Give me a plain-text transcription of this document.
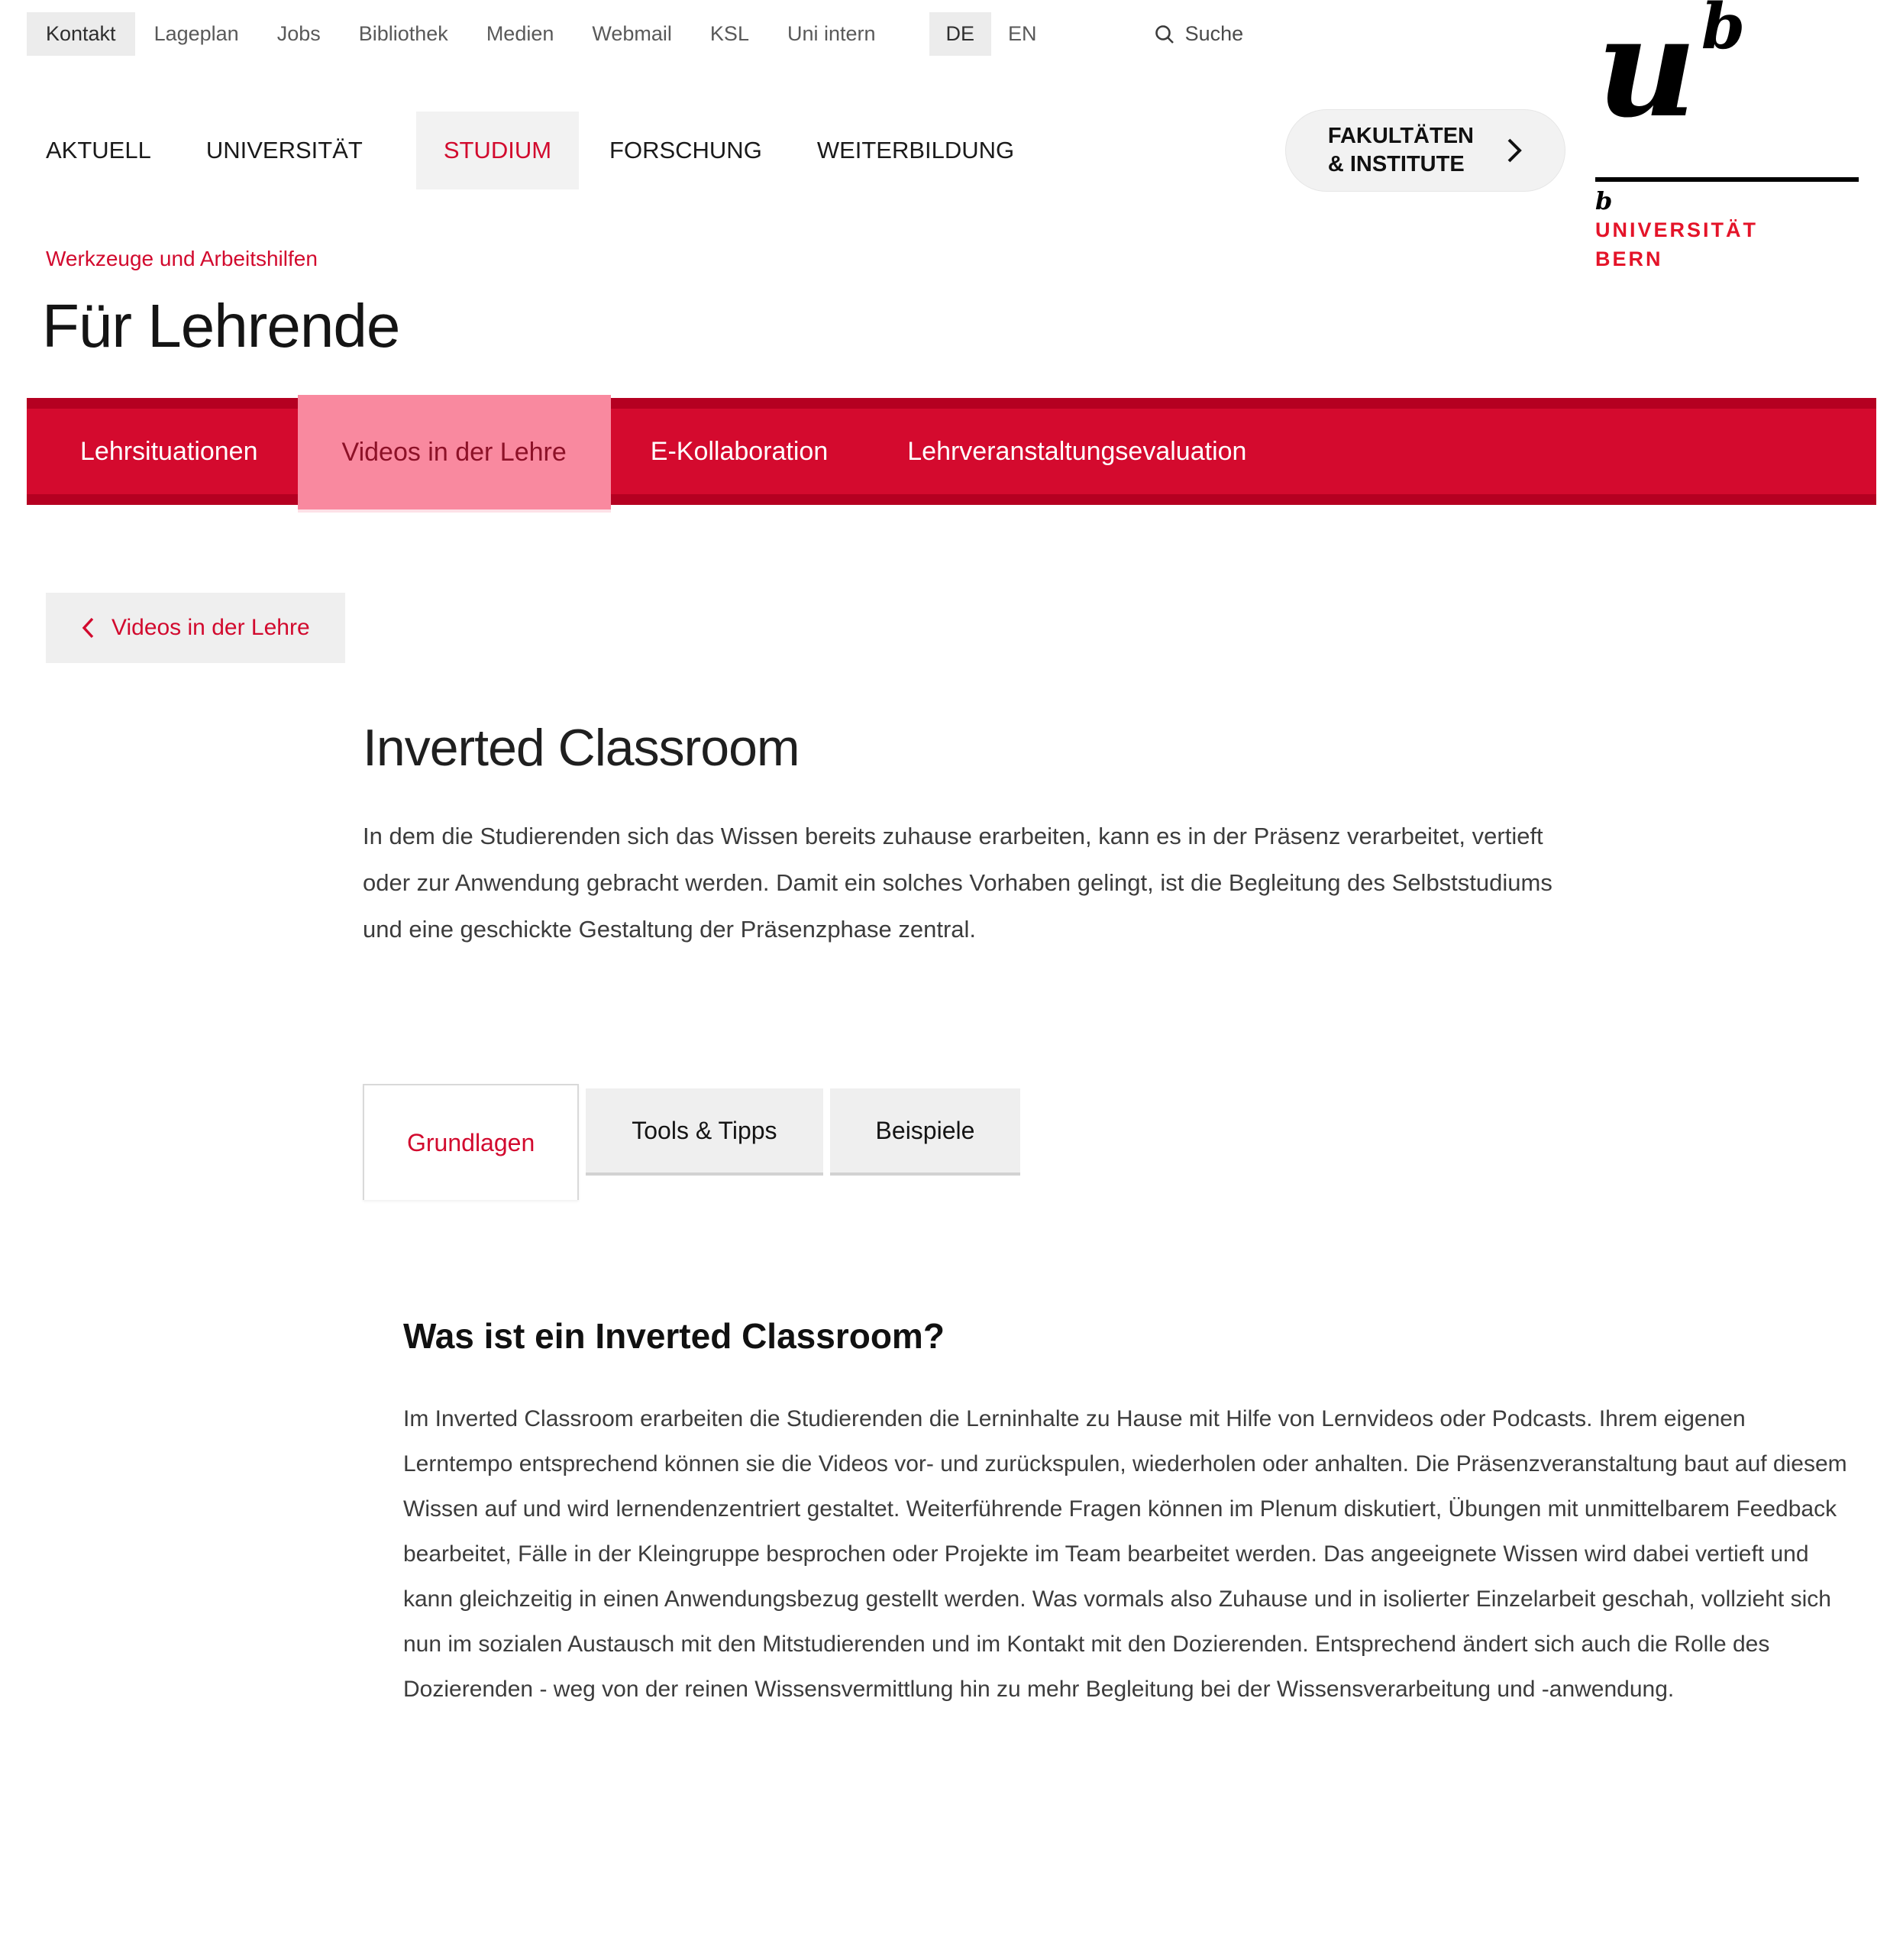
Kontakt	Lageplan	Jobs	Bibliothek	Medien	Webmail	KSL	Uni intern	DE	EN	Suche	$u^b$
b
UNIVERSITÄT
BERN
AKTUELL UNIVERSITÄT	STUDIUM	FORSCHUNG WEITERBILDUNG
FAKULTÄTEN
& INSTITUTE
Werkzeuge und Arbeitshilfen
Für Lehrende
Lehrsituationen	Videos in der Lehre	E-Kollaboration	Lehrveranstaltungsevaluation
Videos in der Lehre
Inverted Classroom

In dem die Studierenden sich das Wissen bereits zuhause erarbeiten, kann es in der Präsenz verarbeitet, vertieft oder zur Anwendung gebracht werden. Damit ein solches Vorhaben gelingt, ist die Begleitung des Selbststudiums und eine geschickte Gestaltung der Präsenzphase zentral.

Grundlagen	Tools & Tipps	Beispiele
Was ist ein Inverted Classroom?

Im Inverted Classroom erarbeiten die Studierenden die Lerninhalte zu Hause mit Hilfe von Lernvideos oder Podcasts. Ihrem eigenen Lerntempo entsprechend können sie die Videos vor- und zurückspulen, wiederholen oder anhalten. Die Präsenzveranstaltung baut auf diesem Wissen auf und wird lernendenzentriert gestaltet. Weiterführende Fragen können im Plenum diskutiert, Übungen mit unmittelbarem Feedback bearbeitet, Fälle in der Kleingruppe besprochen oder Projekte im Team bearbeitet werden. Das angeeignete Wissen wird dabei vertieft und kann gleichzeitig in einen Anwendungsbezug gestellt werden. Was vormals also Zuhause und in isolierter Einzelarbeit geschah, vollzieht sich nun im sozialen Austausch mit den Mitstudierenden und im Kontakt mit den Dozierenden. Entsprechend ändert sich auch die Rolle des Dozierenden - weg von der reinen Wissensvermittlung hin zu mehr Begleitung bei der Wissensverarbeitung und -anwendung.
